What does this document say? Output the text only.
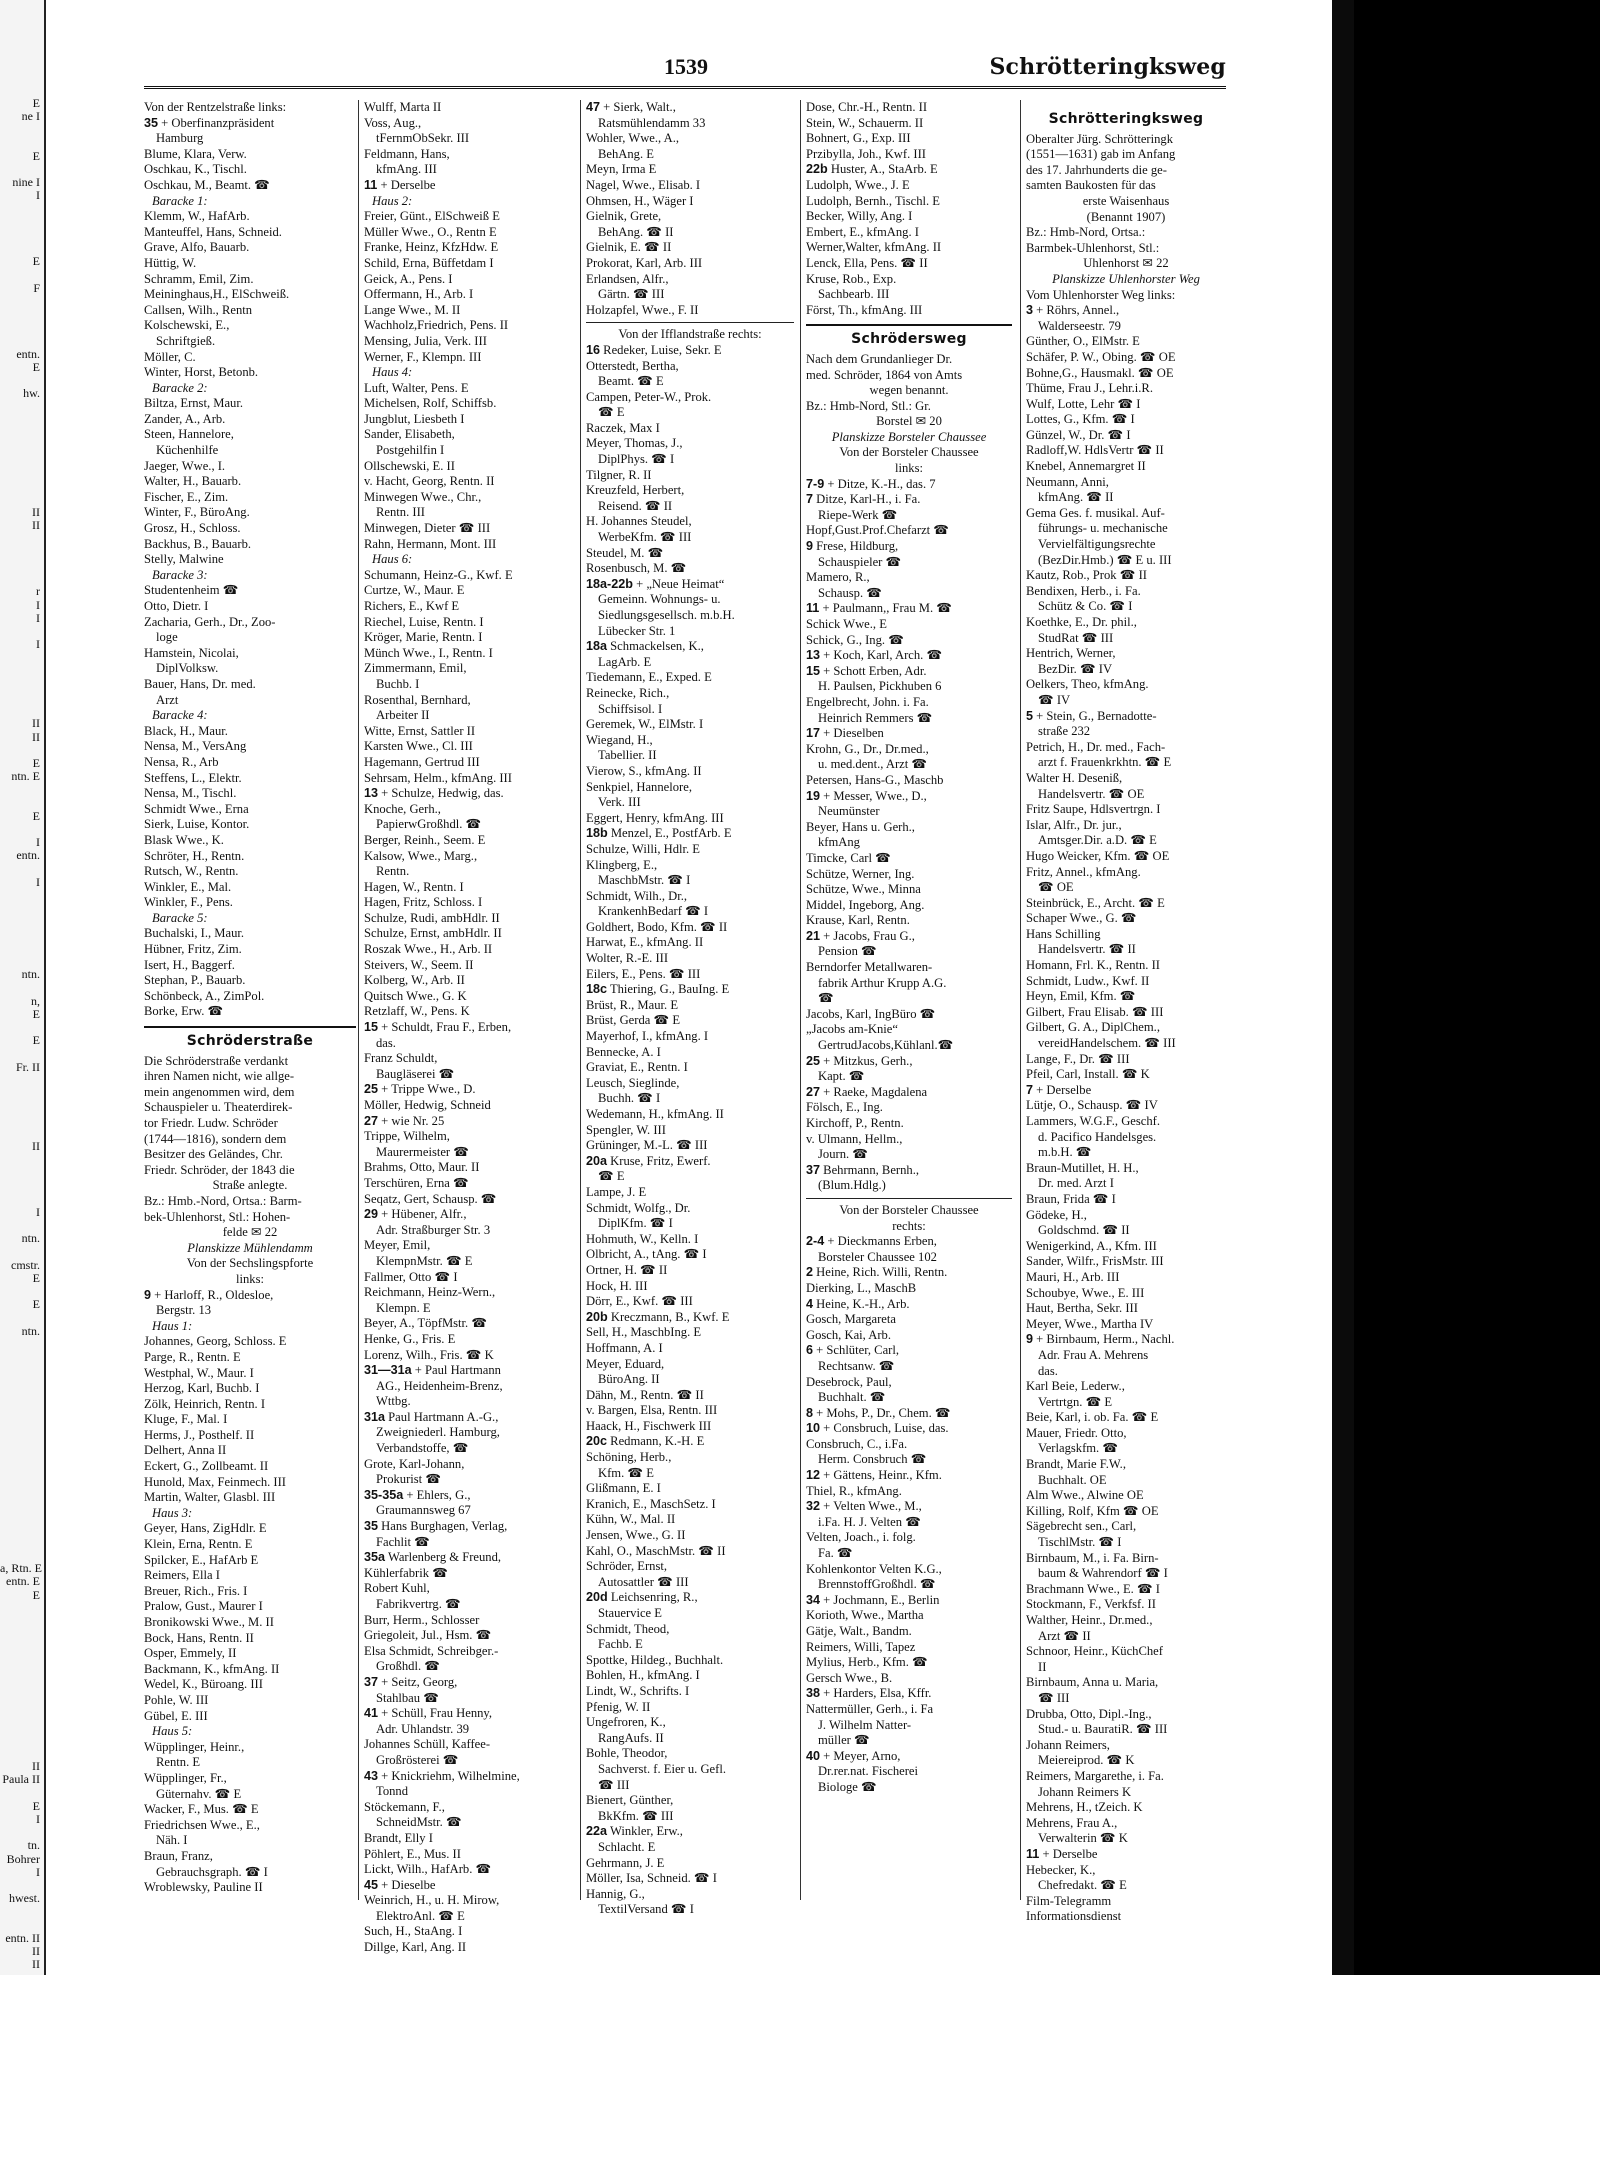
E
ne I
E
nine I
I
E
F
entn.
E
hw.
II
II
r
I
I
I
II
II
E
ntn. E
E
I
entn.
I
ntn.
n,
E
E
Fr. II
II
I
ntn.
cmstr.
E
E
ntn.
a, Rtn. E
entn. E
E
II
Paula II
E
I
tn.
Bohrer
I
hwest.
entn. II
II
II
1539	Schrötteringksweg
Von der Rentzelstraße links:
35 + Oberfinanzpräsident
Hamburg
Blume, Klara, Verw.
Oschkau, K., Tischl.
Oschkau, M., Beamt. ☎
Baracke 1:
Klemm, W., HafArb.
Manteuffel, Hans, Schneid.
Grave, Alfo, Bauarb.
Hüttig, W.
Schramm, Emil, Zim.
Meininghaus,H., ElSchweiß.
Callsen, Wilh., Rentn
Kolschewski, E.,
Schriftgieß.
Möller, C.
Winter, Horst, Betonb.
Baracke 2:
Biltza, Ernst, Maur.
Zander, A., Arb.
Steen, Hannelore,
Küchenhilfe
Jaeger, Wwe., I.
Walter, H., Bauarb.
Fischer, E., Zim.
Winter, F., BüroAng.
Grosz, H., Schloss.
Backhus, B., Bauarb.
Stelly, Malwine
Baracke 3:
Studentenheim ☎
Otto, Dietr. I
Zacharia, Gerh., Dr., Zoo-
loge
Hamstein, Nicolai,
DiplVolksw.
Bauer, Hans, Dr. med.
Arzt
Baracke 4:
Black, H., Maur.
Nensa, M., VersAng
Nensa, R., Arb
Steffens, L., Elektr.
Nensa, M., Tischl.
Schmidt Wwe., Erna
Sierk, Luise, Kontor.
Blask Wwe., K.
Schröter, H., Rentn.
Rutsch, W., Rentn.
Winkler, E., Mal.
Winkler, F., Pens.
Baracke 5:
Buchalski, I., Maur.
Hübner, Fritz, Zim.
Isert, H., Baggerf.
Stephan, P., Bauarb.
Schönbeck, A., ZimPol.
Borke, Erw. ☎
Schröderstraße
Die Schröderstraße verdankt
ihren Namen nicht, wie allge-
mein angenommen wird, dem
Schauspieler u. Theaterdirek-
tor Friedr. Ludw. Schröder
(1744—1816), sondern dem
Besitzer des Geländes, Chr.
Friedr. Schröder, der 1843 die
Straße anlegte.
Bz.: Hmb.-Nord, Ortsa.: Barm-
bek-Uhlenhorst, Stl.: Hohen-
felde ✉ 22
Planskizze Mühlendamm
Von der Sechslingspforte
links:
9 + Harloff, R., Oldesloe,
Bergstr. 13
Haus 1:
Johannes, Georg, Schloss. E
Parge, R., Rentn. E
Westphal, W., Maur. I
Herzog, Karl, Buchb. I
Zölk, Heinrich, Rentn. I
Kluge, F., Mal. I
Herms, J., Posthelf. II
Delhert, Anna II
Eckert, G., Zollbeamt. II
Hunold, Max, Feinmech. III
Martin, Walter, Glasbl. III
Haus 3:
Geyer, Hans, ZigHdlr. E
Klein, Erna, Rentn. E
Spilcker, E., HafArb E
Reimers, Ella I
Breuer, Rich., Fris. I
Pralow, Gust., Maurer I
Bronikowski Wwe., M. II
Bock, Hans, Rentn. II
Osper, Emmely, II
Backmann, K., kfmAng. II
Wedel, K., Büroang. III
Pohle, W. III
Gübel, E. III
Haus 5:
Wüpplinger, Heinr.,
Rentn. E
Wüpplinger, Fr.,
Güternahv. ☎ E
Wacker, F., Mus. ☎ E
Friedrichsen Wwe., E.,
Näh. I
Braun, Franz,
Gebrauchsgraph. ☎ I
Wroblewsky, Pauline II
Wulff, Marta II
Voss, Aug.,
tFernmObSekr. III
Feldmann, Hans,
kfmAng. III
11 + Derselbe
Haus 2:
Freier, Günt., ElSchweiß E
Müller Wwe., O., Rentn E
Franke, Heinz, KfzHdw. E
Schild, Erna, Büffetdam I
Geick, A., Pens. I
Offermann, H., Arb. I
Lange Wwe., M. II
Wachholz,Friedrich, Pens. II
Mensing, Julia, Verk. III
Werner, F., Klempn. III
Haus 4:
Luft, Walter, Pens. E
Michelsen, Rolf, Schiffsb.
Jungblut, Liesbeth I
Sander, Elisabeth,
Postgehilfin I
Ollschewski, E. II
v. Hacht, Georg, Rentn. II
Minwegen Wwe., Chr.,
Rentn. III
Minwegen, Dieter ☎ III
Rahn, Hermann, Mont. III
Haus 6:
Schumann, Heinz-G., Kwf. E
Curtze, W., Maur. E
Richers, E., Kwf E
Riechel, Luise, Rentn. I
Kröger, Marie, Rentn. I
Münch Wwe., I., Rentn. I
Zimmermann, Emil,
Buchb. I
Rosenthal, Bernhard,
Arbeiter II
Witte, Ernst, Sattler II
Karsten Wwe., Cl. III
Hagemann, Gertrud III
Sehrsam, Helm., kfmAng. III
13 + Schulze, Hedwig, das.
Knoche, Gerh.,
PapierwGroßhdl. ☎
Berger, Reinh., Seem. E
Kalsow, Wwe., Marg.,
Rentn.
Hagen, W., Rentn. I
Hagen, Fritz, Schloss. I
Schulze, Rudi, ambHdlr. II
Schulze, Ernst, ambHdlr. II
Roszak Wwe., H., Arb. II
Steivers, W., Seem. II
Kolberg, W., Arb. II
Quitsch Wwe., G. K
Retzlaff, W., Pens. K
15 + Schuldt, Frau F., Erben,
das.
Franz Schuldt,
Baugläserei ☎
25 + Trippe Wwe., D.
Möller, Hedwig, Schneid
27 + wie Nr. 25
Trippe, Wilhelm,
Maurermeister ☎
Brahms, Otto, Maur. II
Terschüren, Erna ☎
Seqatz, Gert, Schausp. ☎
29 + Hübener, Alfr.,
Adr. Straßburger Str. 3
Meyer, Emil,
KlempnMstr. ☎ E
Fallmer, Otto ☎ I
Reichmann, Heinz-Wern.,
Klempn. E
Beyer, A., TöpfMstr. ☎
Henke, G., Fris. E
Lorenz, Wilh., Fris. ☎ K
31—31a + Paul Hartmann
AG., Heidenheim-Brenz,
Wttbg.
31a Paul Hartmann A.-G.,
Zweigniederl. Hamburg,
Verbandstoffe, ☎
Grote, Karl-Johann,
Prokurist ☎
35-35a + Ehlers, G.,
Graumannsweg 67
35 Hans Burghagen, Verlag,
Fachlit ☎
35a Warlenberg & Freund,
Kühlerfabrik ☎
Robert Kuhl,
Fabrikvertrg. ☎
Burr, Herm., Schlosser
Griegoleit, Jul., Hsm. ☎
Elsa Schmidt, Schreibger.-
Großhdl. ☎
37 + Seitz, Georg,
Stahlbau ☎
41 + Schüll, Frau Henny,
Adr. Uhlandstr. 39
Johannes Schüll, Kaffee-
Großrösterei ☎
43 + Knickriehm, Wilhelmine,
Tonnd
Stöckemann, F.,
SchneidMstr. ☎
Brandt, Elly I
Pöhlert, E., Mus. II
Lickt, Wilh., HafArb. ☎
45 + Dieselbe
Weinrich, H., u. H. Mirow,
ElektroAnl. ☎ E
Such, H., StaAng. I
Dillge, Karl, Ang. II
47 + Sierk, Walt.,
Ratsmühlendamm 33
Wohler, Wwe., A.,
BehAng. E
Meyn, Irma E
Nagel, Wwe., Elisab. I
Ohmsen, H., Wäger I
Gielnik, Grete,
BehAng. ☎ II
Gielnik, E. ☎ II
Prokorat, Karl, Arb. III
Erlandsen, Alfr.,
Gärtn. ☎ III
Holzapfel, Wwe., F. II
Von der Ifflandstraße rechts:
16 Redeker, Luise, Sekr. E
Otterstedt, Bertha,
Beamt. ☎ E
Campen, Peter-W., Prok.
☎ E
Raczek, Max I
Meyer, Thomas, J.,
DiplPhys. ☎ I
Tilgner, R. II
Kreuzfeld, Herbert,
Reisend. ☎ II
H. Johannes Steudel,
WerbeKfm. ☎ III
Steudel, M. ☎
Rosenbusch, M. ☎
18a-22b + „Neue Heimat“
Gemeinn. Wohnungs- u.
Siedlungsgesellsch. m.b.H.
Lübecker Str. 1
18a Schmackelsen, K.,
LagArb. E
Tiedemann, E., Exped. E
Reinecke, Rich.,
Schiffsisol. I
Geremek, W., ElMstr. I
Wiegand, H.,
Tabellier. II
Vierow, S., kfmAng. II
Senkpiel, Hannelore,
Verk. III
Eggert, Henry, kfmAng. III
18b Menzel, E., PostfArb. E
Schulze, Willi, Hdlr. E
Klingberg, E.,
MaschbMstr. ☎ I
Schmidt, Wilh., Dr.,
KrankenhBedarf ☎ I
Goldhert, Bodo, Kfm. ☎ II
Harwat, E., kfmAng. II
Wolter, R.-E. III
Eilers, E., Pens. ☎ III
18c Thiering, G., BauIng. E
Brüst, R., Maur. E
Brüst, Gerda ☎ E
Mayerhof, I., kfmAng. I
Bennecke, A. I
Graviat, E., Rentn. I
Leusch, Sieglinde,
Buchh. ☎ I
Wedemann, H., kfmAng. II
Spengler, W. III
Grüninger, M.-L. ☎ III
20a Kruse, Fritz, Ewerf.
☎ E
Lampe, J. E
Schmidt, Wolfg., Dr.
DiplKfm. ☎ I
Hohmuth, W., Kelln. I
Olbricht, A., tAng. ☎ I
Ortner, H. ☎ II
Hock, H. III
Dörr, E., Kwf. ☎ III
20b Kreczmann, B., Kwf. E
Sell, H., MaschbIng. E
Hoffmann, A. I
Meyer, Eduard,
BüroAng. II
Dähn, M., Rentn. ☎ II
v. Bargen, Elsa, Rentn. III
Haack, H., Fischwerk III
20c Redmann, K.-H. E
Schöning, Herb.,
Kfm. ☎ E
Glißmann, E. I
Kranich, E., MaschSetz. I
Kühn, W., Mal. II
Jensen, Wwe., G. II
Kahl, O., MaschMstr. ☎ II
Schröder, Ernst,
Autosattler ☎ III
20d Leichsenring, R.,
Stauervice E
Schmidt, Theod,
Fachb. E
Spottke, Hildeg., Buchhalt.
Bohlen, H., kfmAng. I
Lindt, W., Schrifts. I
Pfenig, W. II
Ungefroren, K.,
RangAufs. II
Bohle, Theodor,
Sachverst. f. Eier u. Gefl.
☎ III
Bienert, Günther,
BkKfm. ☎ III
22a Winkler, Erw.,
Schlacht. E
Gehrmann, J. E
Möller, Isa, Schneid. ☎ I
Hannig, G.,
TextilVersand ☎ I
Dose, Chr.-H., Rentn. II
Stein, W., Schauerm. II
Bohnert, G., Exp. III
Przibylla, Joh., Kwf. III
22b Huster, A., StaArb. E
Ludolph, Wwe., J. E
Ludolph, Bernh., Tischl. E
Becker, Willy, Ang. I
Embert, E., kfmAng. I
Werner,Walter, kfmAng. II
Lenck, Ella, Pens. ☎ II
Kruse, Rob., Exp.
Sachbearb. III
Först, Th., kfmAng. III
Schrödersweg
Nach dem Grundanlieger Dr.
med. Schröder, 1864 von Amts
wegen benannt.
Bz.: Hmb-Nord, Stl.: Gr.
Borstel ✉ 20
Planskizze Borsteler Chaussee
Von der Borsteler Chaussee
links:
7-9 + Ditze, K.-H., das. 7
7 Ditze, Karl-H., i. Fa.
Riepe-Werk ☎
Hopf,Gust.Prof.Chefarzt ☎
9 Frese, Hildburg,
Schauspieler ☎
Mamero, R.,
Schausp. ☎
11 + Paulmann,, Frau M. ☎
Schick Wwe., E
Schick, G., Ing. ☎
13 + Koch, Karl, Arch. ☎
15 + Schott Erben, Adr.
H. Paulsen, Pickhuben 6
Engelbrecht, John. i. Fa.
Heinrich Remmers ☎
17 + Dieselben
Krohn, G., Dr., Dr.med.,
u. med.dent., Arzt ☎
Petersen, Hans-G., Maschb
19 + Messer, Wwe., D.,
Neumünster
Beyer, Hans u. Gerh.,
kfmAng
Timcke, Carl ☎
Schütze, Werner, Ing.
Schütze, Wwe., Minna
Middel, Ingeborg, Ang.
Krause, Karl, Rentn.
21 + Jacobs, Frau G.,
Pension ☎
Berndorfer Metallwaren-
fabrik Arthur Krupp A.G.
☎
Jacobs, Karl, IngBüro ☎
„Jacobs am-Knie“
GertrudJacobs,Kühlanl.☎
25 + Mitzkus, Gerh.,
Kapt. ☎
27 + Raeke, Magdalena
Fölsch, E., Ing.
Kirchoff, P., Rentn.
v. Ulmann, Hellm.,
Journ. ☎
37 Behrmann, Bernh.,
(Blum.Hdlg.)
Von der Borsteler Chaussee
rechts:
2-4 + Dieckmanns Erben,
Borsteler Chaussee 102
2 Heine, Rich. Willi, Rentn.
Dierking, L., MaschB
4 Heine, K.-H., Arb.
Gosch, Margareta
Gosch, Kai, Arb.
6 + Schlüter, Carl,
Rechtsanw. ☎
Desebrock, Paul,
Buchhalt. ☎
8 + Mohs, P., Dr., Chem. ☎
10 + Consbruch, Luise, das.
Consbruch, C., i.Fa.
Herm. Consbruch ☎
12 + Gättens, Heinr., Kfm.
Thiel, R., kfmAng.
32 + Velten Wwe., M.,
i.Fa. H. J. Velten ☎
Velten, Joach., i. folg.
Fa. ☎
Kohlenkontor Velten K.G.,
BrennstoffGroßhdl. ☎
34 + Jochmann, E., Berlin
Korioth, Wwe., Martha
Gätje, Walt., Bandm.
Reimers, Willi, Tapez
Mylius, Herb., Kfm. ☎
Gersch Wwe., B.
38 + Harders, Elsa, Kffr.
Nattermüller, Gerh., i. Fa
J. Wilhelm Natter-
müller ☎
40 + Meyer, Arno,
Dr.rer.nat. Fischerei
Biologe ☎
Schrötteringksweg
Oberalter Jürg. Schrötteringk
(1551—1631) gab im Anfang
des 17. Jahrhunderts die ge-
samten Baukosten für das
erste Waisenhaus
(Benannt 1907)
Bz.: Hmb-Nord, Ortsa.:
Barmbek-Uhlenhorst, Stl.:
Uhlenhorst ✉ 22
Planskizze Uhlenhorster Weg
Vom Uhlenhorster Weg links:
3 + Röhrs, Annel.,
Walderseestr. 79
Günther, O., ElMstr. E
Schäfer, P. W., Obing. ☎ OE
Bohne,G., Hausmakl. ☎ OE
Thüme, Frau J., Lehr.i.R.
Wulf, Lotte, Lehr ☎ I
Lottes, G., Kfm. ☎ I
Günzel, W., Dr. ☎ I
Radloff,W. HdlsVertr ☎ II
Knebel, Annemargret II
Neumann, Anni,
kfmAng. ☎ II
Gema Ges. f. musikal. Auf-
führungs- u. mechanische
Vervielfältigungsrechte
(BezDir.Hmb.) ☎ E u. III
Kautz, Rob., Prok ☎ II
Bendixen, Herb., i. Fa.
Schütz & Co. ☎ I
Koethke, E., Dr. phil.,
StudRat ☎ III
Hentrich, Werner,
BezDir. ☎ IV
Oelkers, Theo, kfmAng.
☎ IV
5 + Stein, G., Bernadotte-
straße 232
Petrich, H., Dr. med., Fach-
arzt f. Frauenkrkhtn. ☎ E
Walter H. Deseniß,
Handelsvertr. ☎ OE
Fritz Saupe, Hdlsvertrgn. I
Islar, Alfr., Dr. jur.,
Amtsger.Dir. a.D. ☎ E
Hugo Weicker, Kfm. ☎ OE
Fritz, Annel., kfmAng.
☎ OE
Steinbrück, E., Archt. ☎ E
Schaper Wwe., G. ☎
Hans Schilling
Handelsvertr. ☎ II
Homann, Frl. K., Rentn. II
Schmidt, Ludw., Kwf. II
Heyn, Emil, Kfm. ☎
Gilbert, Frau Elisab. ☎ III
Gilbert, G. A., DiplChem.,
vereidHandelschem. ☎ III
Lange, F., Dr. ☎ III
Pfeil, Carl, Install. ☎ K
7 + Derselbe
Lütje, O., Schausp. ☎ IV
Lammers, W.G.F., Geschf.
d. Pacifico Handelsges.
m.b.H. ☎
Braun-Mutillet, H. H.,
Dr. med. Arzt I
Braun, Frida ☎ I
Gödeke, H.,
Goldschmd. ☎ II
Wenigerkind, A., Kfm. III
Sander, Wilfr., FrisMstr. III
Mauri, H., Arb. III
Schoubye, Wwe., E. III
Haut, Bertha, Sekr. III
Meyer, Wwe., Martha IV
9 + Birnbaum, Herm., Nachl.
Adr. Frau A. Mehrens
das.
Karl Beie, Lederw.,
Vertrtgn. ☎ E
Beie, Karl, i. ob. Fa. ☎ E
Mauer, Friedr. Otto,
Verlagskfm. ☎
Brandt, Marie F.W.,
Buchhalt. OE
Alm Wwe., Alwine OE
Killing, Rolf, Kfm ☎ OE
Sägebrecht sen., Carl,
TischlMstr. ☎ I
Birnbaum, M., i. Fa. Birn-
baum & Wahrendorf ☎ I
Brachmann Wwe., E. ☎ I
Stockmann, F., Verkfsf. II
Walther, Heinr., Dr.med.,
Arzt ☎ II
Schnoor, Heinr., KüchChef
II
Birnbaum, Anna u. Maria,
☎ III
Drubba, Otto, Dipl.-Ing.,
Stud.- u. BauratiR. ☎ III
Johann Reimers,
Meiereiprod. ☎ K
Reimers, Margarethe, i. Fa.
Johann Reimers K
Mehrens, H., tZeich. K
Mehrens, Frau A.,
Verwalterin ☎ K
11 + Derselbe
Hebecker, K.,
Chefredakt. ☎ E
Film-Telegramm
Informationsdienst
